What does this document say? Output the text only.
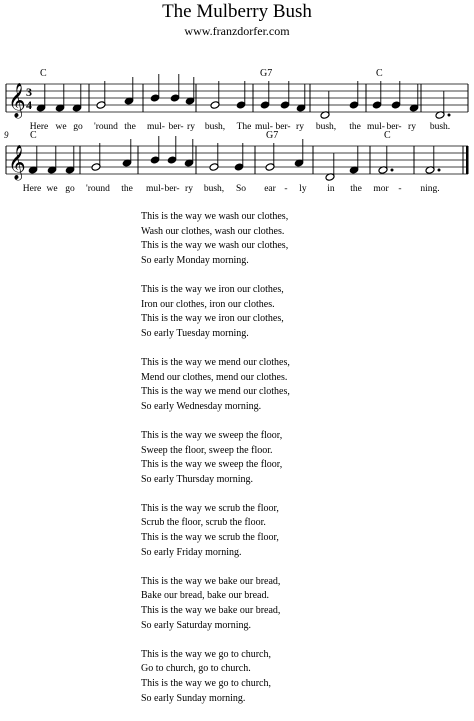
The Mulberry Bush
www.franzdorfer.com
𝄞 3
4
C	G7	C
Here we go 'round the mul- ber- ry bush, The mul- ber- ry bush, the mul- ber- ry bush.
9
𝄞
C	G7	C
Here we go 'round the mul- ber- ry bush, So ear - ly in the mor - ning.
This is the way we wash our clothes,
Wash our clothes, wash our clothes.
This is the way we wash our clothes,
So early Monday morning.
This is the way we iron our clothes,
Iron our clothes, iron our clothes.
This is the way we iron our clothes,
So early Tuesday morning.
This is the way we mend our clothes,
Mend our clothes, mend our clothes.
This is the way we mend our clothes,
So early Wednesday morning.
This is the way we sweep the floor,
Sweep the floor, sweep the floor.
This is the way we sweep the floor,
So early Thursday morning.
This is the way we scrub the floor,
Scrub the floor, scrub the floor.
This is the way we scrub the floor,
So early Friday morning.
This is the way we bake our bread,
Bake our bread, bake our bread.
This is the way we bake our bread,
So early Saturday morning.
This is the way we go to church,
Go to church, go to church.
This is the way we go to church,
So early Sunday morning.
